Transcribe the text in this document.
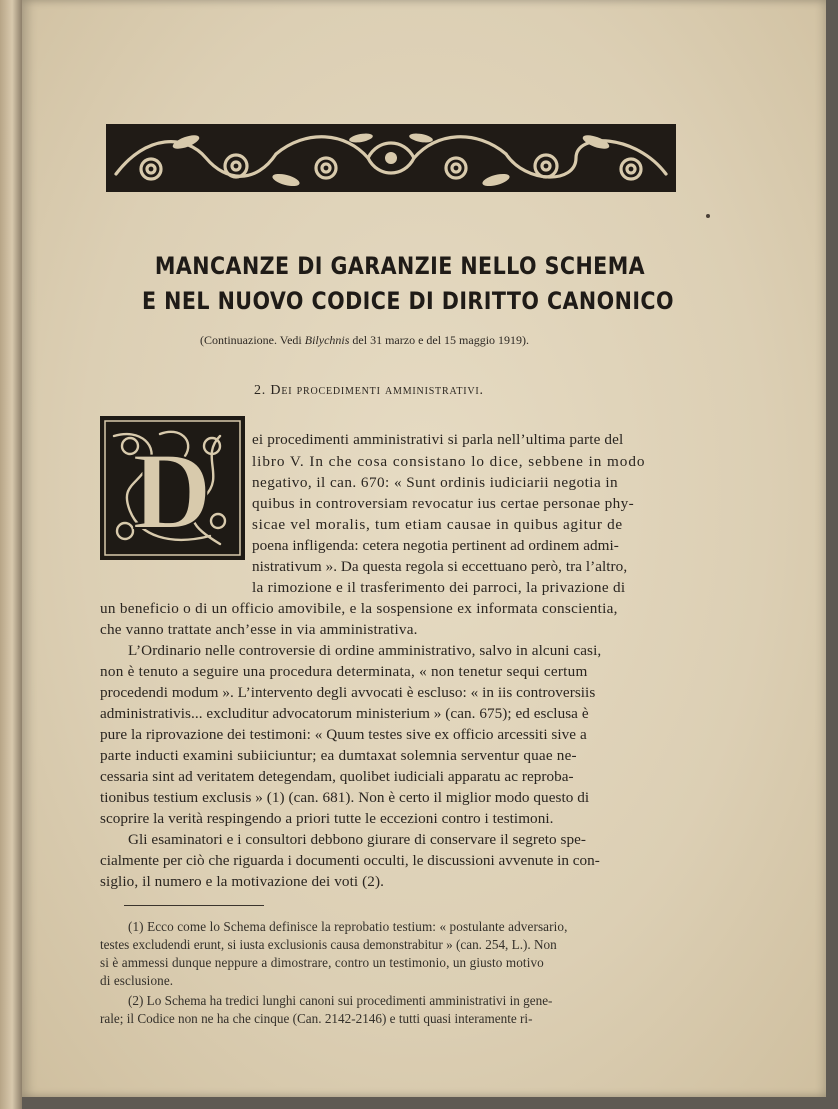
MANCANZE DI GARANZIE NELLO SCHEMA
E NEL NUOVO CODICE DI DIRITTO CANONICO
(Continuazione. Vedi Bilychnis del 31 marzo e del 15 maggio 1919).
2. Dei procedimenti amministrativi.
D	ei procedimenti amministrativi si parla nell’ultima parte del
libro V. In che cosa consistano lo dice, sebbene in modo
negativo, il can. 670: « Sunt ordinis iudiciarii negotia in
quibus in controversiam revocatur ius certae personae phy-
sicae vel moralis, tum etiam causae in quibus agitur de
poena infligenda: cetera negotia pertinent ad ordinem admi-
nistrativum ». Da questa regola si eccettuano però, tra l’altro,
la rimozione e il trasferimento dei parroci, la privazione di
un beneficio o di un officio amovibile, e la sospensione ex informata conscientia,
che vanno trattate anch’esse in via amministrativa.
L’Ordinario nelle controversie di ordine amministrativo, salvo in alcuni casi,
non è tenuto a seguire una procedura determinata, « non tenetur sequi certum
procedendi modum ». L’intervento degli avvocati è escluso: « in iis controversiis
administrativis... excluditur advocatorum ministerium » (can. 675); ed esclusa è
pure la riprovazione dei testimoni: « Quum testes sive ex officio arcessiti sive a
parte inducti examini subiiciuntur; ea dumtaxat solemnia serventur quae ne-
cessaria sint ad veritatem detegendam, quolibet iudiciali apparatu ac reproba-
tionibus testium exclusis » (1) (can. 681). Non è certo il miglior modo questo di
scoprire la verità respingendo a priori tutte le eccezioni contro i testimoni.
Gli esaminatori e i consultori debbono giurare di conservare il segreto spe-
cialmente per ciò che riguarda i documenti occulti, le discussioni avvenute in con-
siglio, il numero e la motivazione dei voti (2).
(1) Ecco come lo Schema definisce la reprobatio testium: « postulante adversario,
testes excludendi erunt, si iusta exclusionis causa demonstrabitur » (can. 254, L.). Non
si è ammessi dunque neppure a dimostrare, contro un testimonio, un giusto motivo
di esclusione.
(2) Lo Schema ha tredici lunghi canoni sui procedimenti amministrativi in gene-
rale; il Codice non ne ha che cinque (Can. 2142-2146) e tutti quasi interamente ri-
